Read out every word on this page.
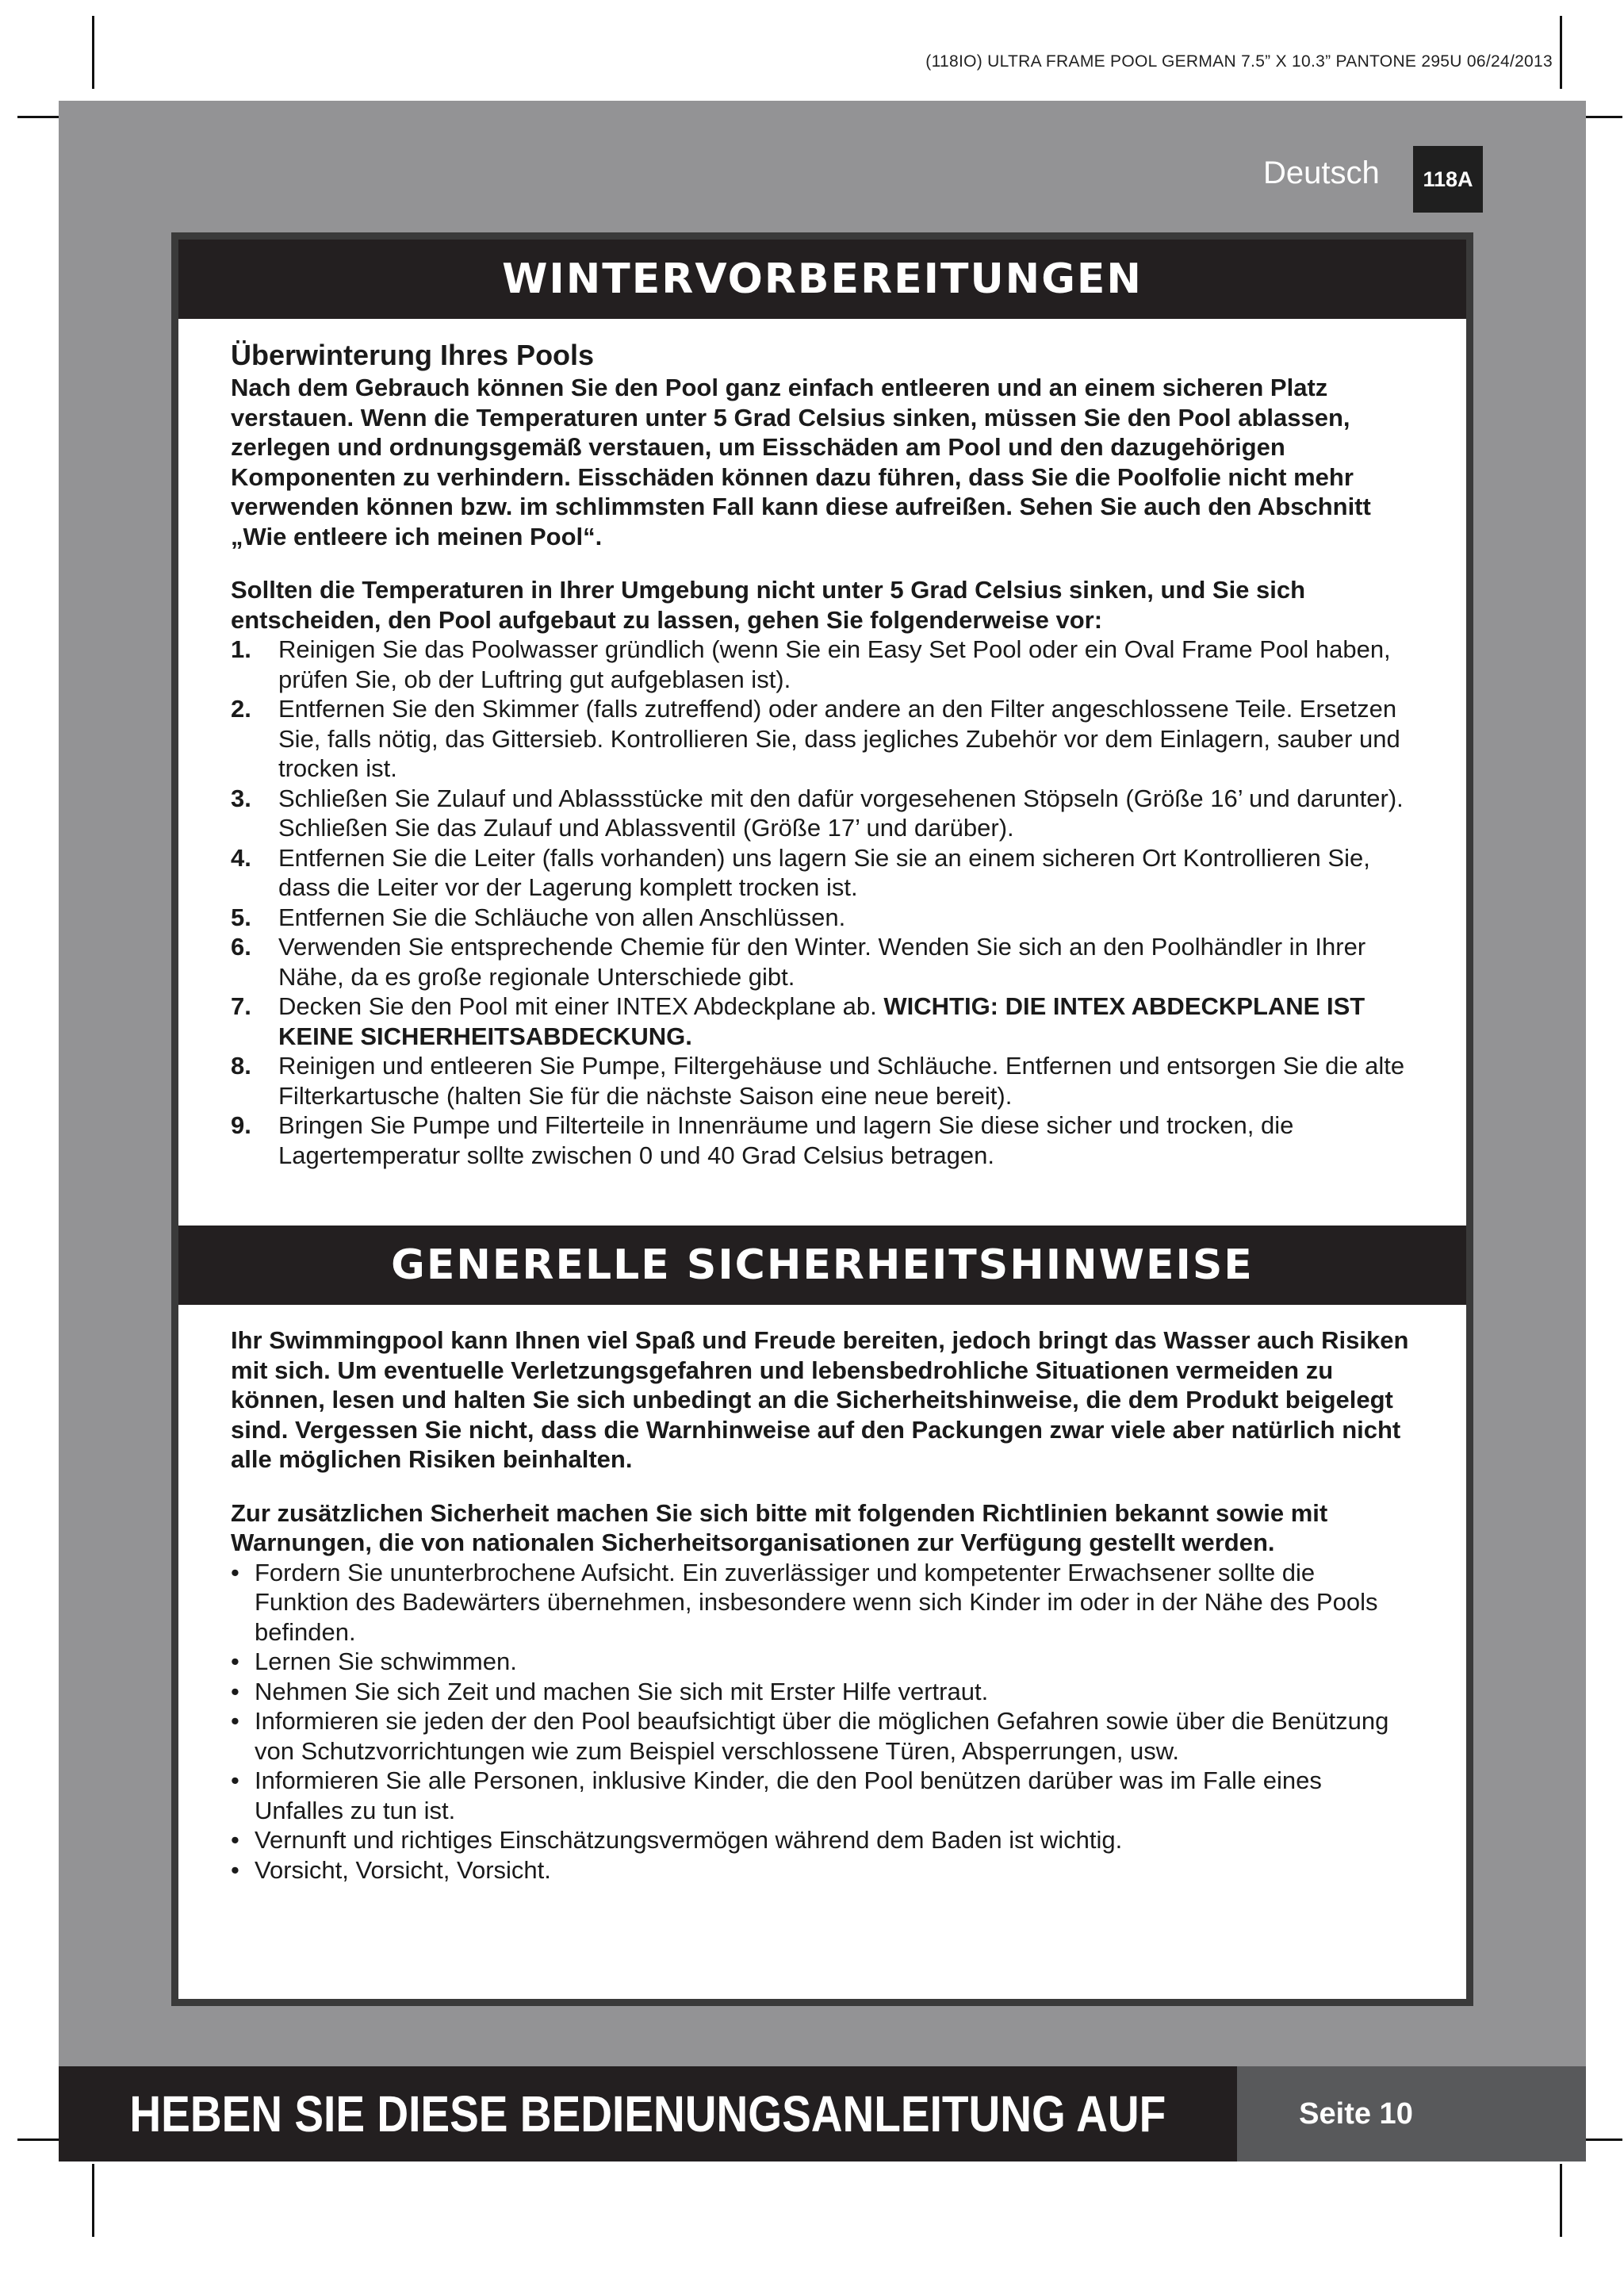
(118IO) ULTRA FRAME POOL GERMAN 7.5” X 10.3” PANTONE 295U 06/24/2013
Deutsch	118A
WINTERVORBEREITUNGEN

Überwinterung Ihres Pools

Nach dem Gebrauch können Sie den Pool ganz einfach entleeren und an einem sicheren Platz verstauen. Wenn die Temperaturen unter 5 Grad Celsius sinken, müssen Sie den Pool ablassen, zerlegen und ordnungsgemäß verstauen, um Eisschäden am Pool und den dazugehörigen Komponenten zu verhindern. Eisschäden können dazu führen, dass Sie die Poolfolie nicht mehr verwenden können bzw. im schlimmsten Fall kann diese aufreißen. Sehen Sie auch den Abschnitt „Wie entleere ich meinen Pool“.

Sollten die Temperaturen in Ihrer Umgebung nicht unter 5 Grad Celsius sinken, und Sie sich entscheiden, den Pool aufgebaut zu lassen, gehen Sie folgenderweise vor:

1. Reinigen Sie das Poolwasser gründlich (wenn Sie ein Easy Set Pool oder ein Oval Frame Pool haben, prüfen Sie, ob der Luftring gut aufgeblasen ist).
2. Entfernen Sie den Skimmer (falls zutreffend) oder andere an den Filter angeschlossene Teile. Ersetzen Sie, falls nötig, das Gittersieb. Kontrollieren Sie, dass jegliches Zubehör vor dem Einlagern, sauber und trocken ist.
3. Schließen Sie Zulauf und Ablassstücke mit den dafür vorgesehenen Stöpseln (Größe 16’ und darunter). Schließen Sie das Zulauf und Ablassventil (Größe 17’ und darüber).
4. Entfernen Sie die Leiter (falls vorhanden) uns lagern Sie sie an einem sicheren Ort Kontrollieren Sie, dass die Leiter vor der Lagerung komplett trocken ist.
5. Entfernen Sie die Schläuche von allen Anschlüssen.
6. Verwenden Sie entsprechende Chemie für den Winter. Wenden Sie sich an den Poolhändler in Ihrer Nähe, da es große regionale Unterschiede gibt.
7. Decken Sie den Pool mit einer INTEX Abdeckplane ab. WICHTIG: DIE INTEX ABDECKPLANE IST KEINE SICHERHEITSABDECKUNG.
8. Reinigen und entleeren Sie Pumpe, Filtergehäuse und Schläuche. Entfernen und entsorgen Sie die alte Filterkartusche (halten Sie für die nächste Saison eine neue bereit).
9. Bringen Sie Pumpe und Filterteile in Innenräume und lagern Sie diese sicher und trocken, die Lagertemperatur sollte zwischen 0 und 40 Grad Celsius betragen.
GENERELLE SICHERHEITSHINWEISE

Ihr Swimmingpool kann Ihnen viel Spaß und Freude bereiten, jedoch bringt das Wasser auch Risiken mit sich. Um eventuelle Verletzungsgefahren und lebensbedrohliche Situationen vermeiden zu können, lesen und halten Sie sich unbedingt an die Sicherheitshinweise, die dem Produkt beigelegt sind. Vergessen Sie nicht, dass die Warnhinweise auf den Packungen zwar viele aber natürlich nicht alle möglichen Risiken beinhalten.

Zur zusätzlichen Sicherheit machen Sie sich bitte mit folgenden Richtlinien bekannt sowie mit Warnungen, die von nationalen Sicherheitsorganisationen zur Verfügung gestellt werden.

• Fordern Sie ununterbrochene Aufsicht. Ein zuverlässiger und kompetenter Erwachsener sollte die Funktion des Badewärters übernehmen, insbesondere wenn sich Kinder im oder in der Nähe des Pools befinden.
• Lernen Sie schwimmen.
• Nehmen Sie sich Zeit und machen Sie sich mit Erster Hilfe vertraut.
• Informieren sie jeden der den Pool beaufsichtigt über die möglichen Gefahren sowie über die Benützung von Schutzvorrichtungen wie zum Beispiel verschlossene Türen, Absperrungen, usw.
• Informieren Sie alle Personen, inklusive Kinder, die den Pool benützen darüber was im Falle eines Unfalles zu tun ist.
• Vernunft und richtiges Einschätzungsvermögen während dem Baden ist wichtig.
• Vorsicht, Vorsicht, Vorsicht.
HEBEN SIE DIESE BEDIENUNGSANLEITUNG AUF	Seite 10
